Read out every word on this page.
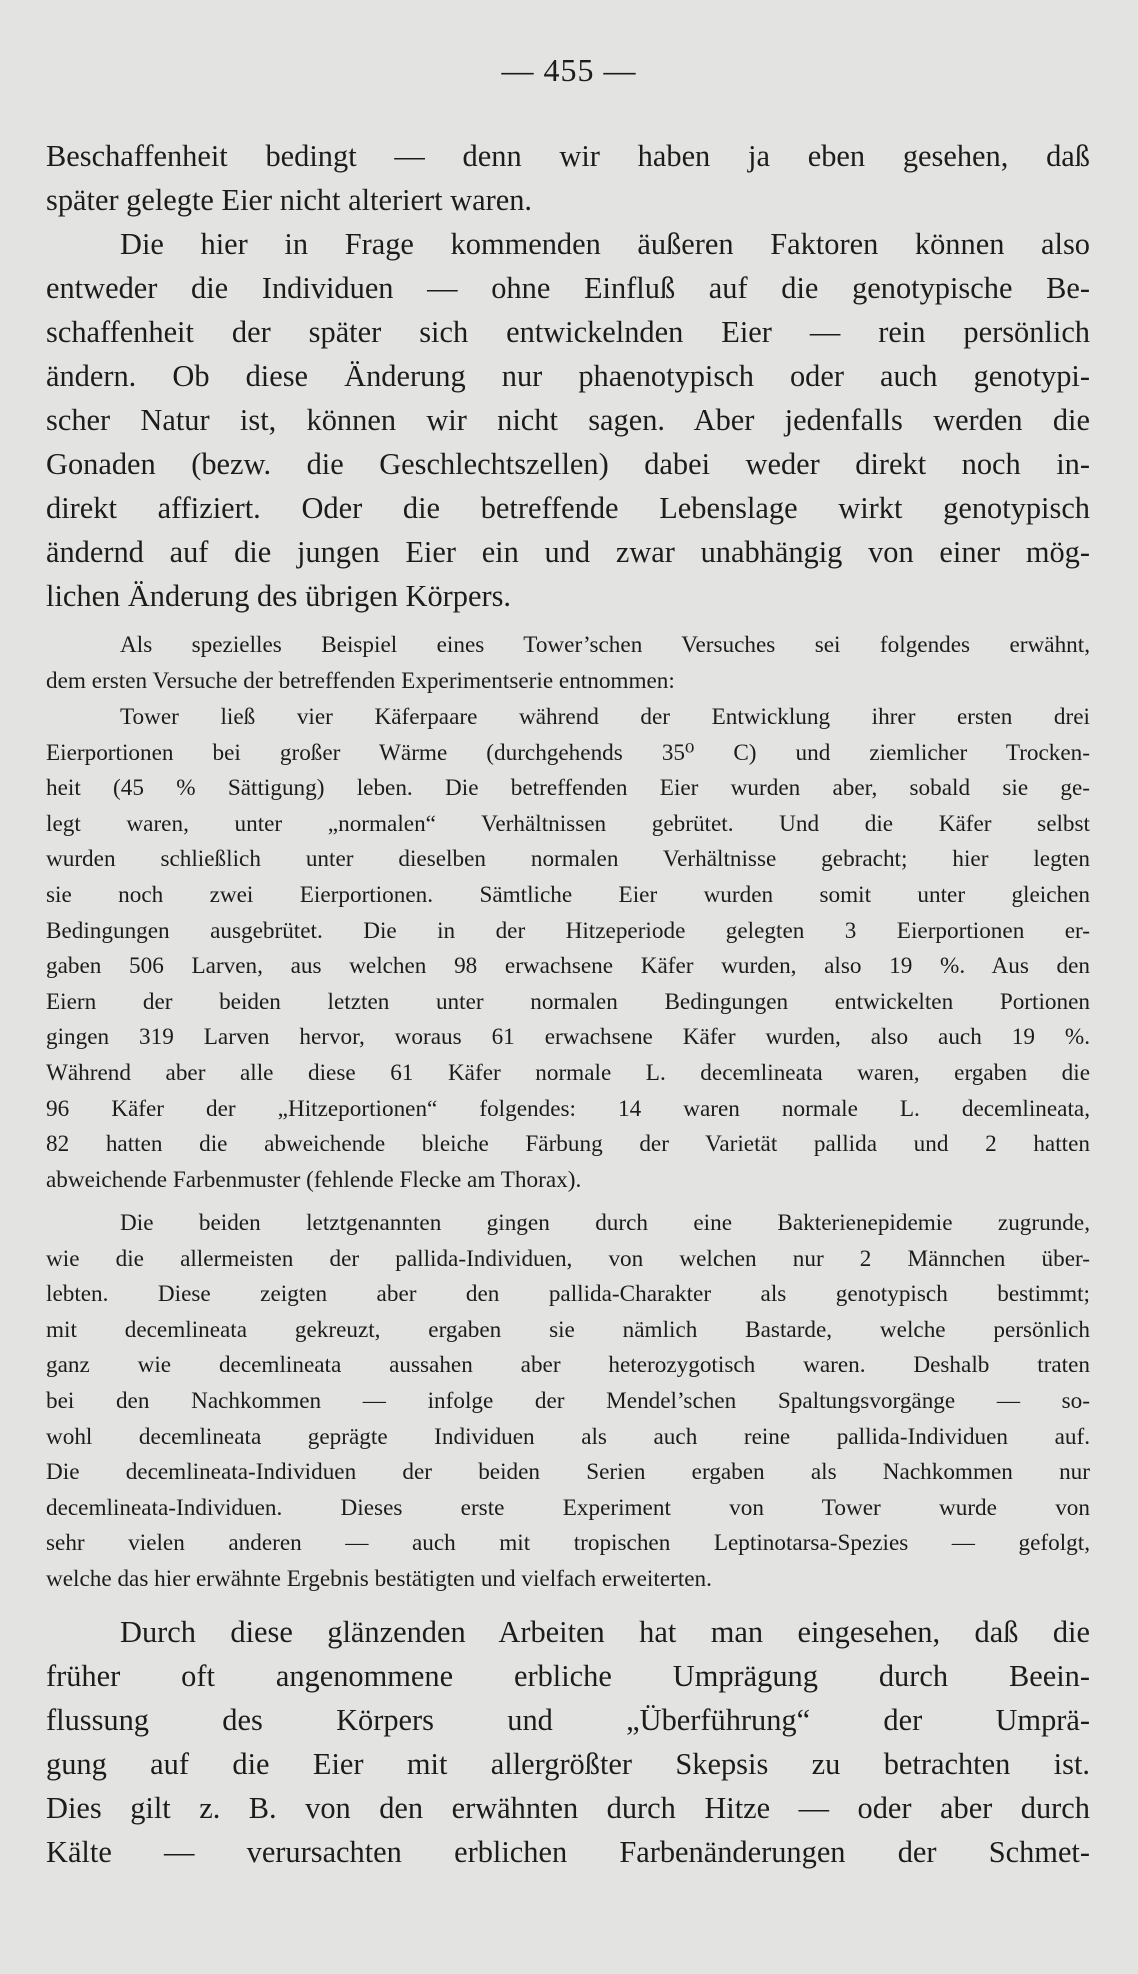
— 455 —
Beschaffenheit bedingt — denn wir haben ja eben gesehen, daß
später gelegte Eier nicht alteriert waren.
Die hier in Frage kommenden äußeren Faktoren können also
entweder die Individuen — ohne Einfluß auf die genotypische Be-
schaffenheit der später sich entwickelnden Eier — rein persönlich
ändern. Ob diese Änderung nur phaenotypisch oder auch genotypi-
scher Natur ist, können wir nicht sagen. Aber jedenfalls werden die
Gonaden (bezw. die Geschlechtszellen) dabei weder direkt noch in-
direkt affiziert. Oder die betreffende Lebenslage wirkt genotypisch
ändernd auf die jungen Eier ein und zwar unabhängig von einer mög-
lichen Änderung des übrigen Körpers.
Als spezielles Beispiel eines Tower’schen Versuches sei folgendes erwähnt,
dem ersten Versuche der betreffenden Experimentserie entnommen:
Tower ließ vier Käferpaare während der Entwicklung ihrer ersten drei
Eierportionen bei großer Wärme (durchgehends 35⁰ C) und ziemlicher Trocken-
heit (45 % Sättigung) leben. Die betreffenden Eier wurden aber, sobald sie ge-
legt waren, unter „normalen“ Verhältnissen gebrütet. Und die Käfer selbst
wurden schließlich unter dieselben normalen Verhältnisse gebracht; hier legten
sie noch zwei Eierportionen. Sämtliche Eier wurden somit unter gleichen
Bedingungen ausgebrütet. Die in der Hitzeperiode gelegten 3 Eierportionen er-
gaben 506 Larven, aus welchen 98 erwachsene Käfer wurden, also 19 %. Aus den
Eiern der beiden letzten unter normalen Bedingungen entwickelten Portionen
gingen 319 Larven hervor, woraus 61 erwachsene Käfer wurden, also auch 19 %.
Während aber alle diese 61 Käfer normale L. decemlineata waren, ergaben die
96 Käfer der „Hitzeportionen“ folgendes: 14 waren normale L. decemlineata,
82 hatten die abweichende bleiche Färbung der Varietät pallida und 2 hatten
abweichende Farbenmuster (fehlende Flecke am Thorax).
Die beiden letztgenannten gingen durch eine Bakterienepidemie zugrunde,
wie die allermeisten der pallida-Individuen, von welchen nur 2 Männchen über-
lebten. Diese zeigten aber den pallida-Charakter als genotypisch bestimmt;
mit decemlineata gekreuzt, ergaben sie nämlich Bastarde, welche persönlich
ganz wie decemlineata aussahen aber heterozygotisch waren. Deshalb traten
bei den Nachkommen — infolge der Mendel’schen Spaltungsvorgänge — so-
wohl decemlineata geprägte Individuen als auch reine pallida-Individuen auf.
Die decemlineata-Individuen der beiden Serien ergaben als Nachkommen nur
decemlineata-Individuen. Dieses erste Experiment von Tower wurde von
sehr vielen anderen — auch mit tropischen Leptinotarsa-Spezies — gefolgt,
welche das hier erwähnte Ergebnis bestätigten und vielfach erweiterten.
Durch diese glänzenden Arbeiten hat man eingesehen, daß die
früher oft angenommene erbliche Umprägung durch Beein-
flussung des Körpers und „Überführung“ der Umprä-
gung auf die Eier mit allergrößter Skepsis zu betrachten ist.
Dies gilt z. B. von den erwähnten durch Hitze — oder aber durch
Kälte — verursachten erblichen Farbenänderungen der Schmet-
